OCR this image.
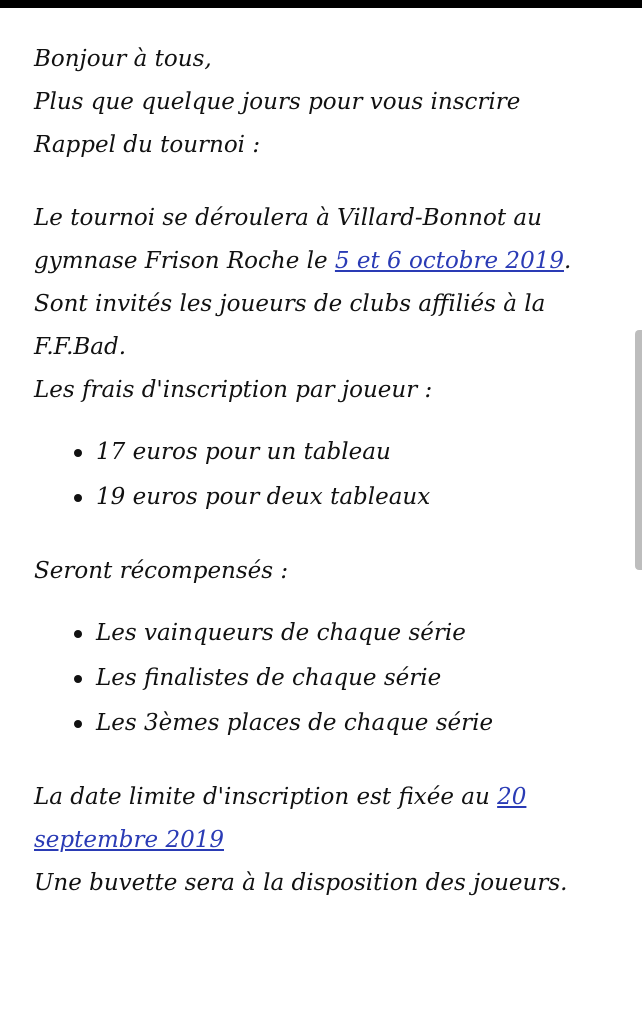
Bonjour à tous,
Plus que quelque jours pour vous inscrire
Rappel du tournoi :
Le tournoi se déroulera à Villard-Bonnot au
gymnase Frison Roche le 5 et 6 octobre 2019.
Sont invités les joueurs de clubs affiliés à la
F.F.Bad.
Les frais d'inscription par joueur :
17 euros pour un tableau
19 euros pour deux tableaux
Seront récompensés :
Les vainqueurs de chaque série
Les finalistes de chaque série
Les 3èmes places de chaque série
La date limite d'inscription est fixée au 20
septembre 2019
Une buvette sera à la disposition des joueurs.
